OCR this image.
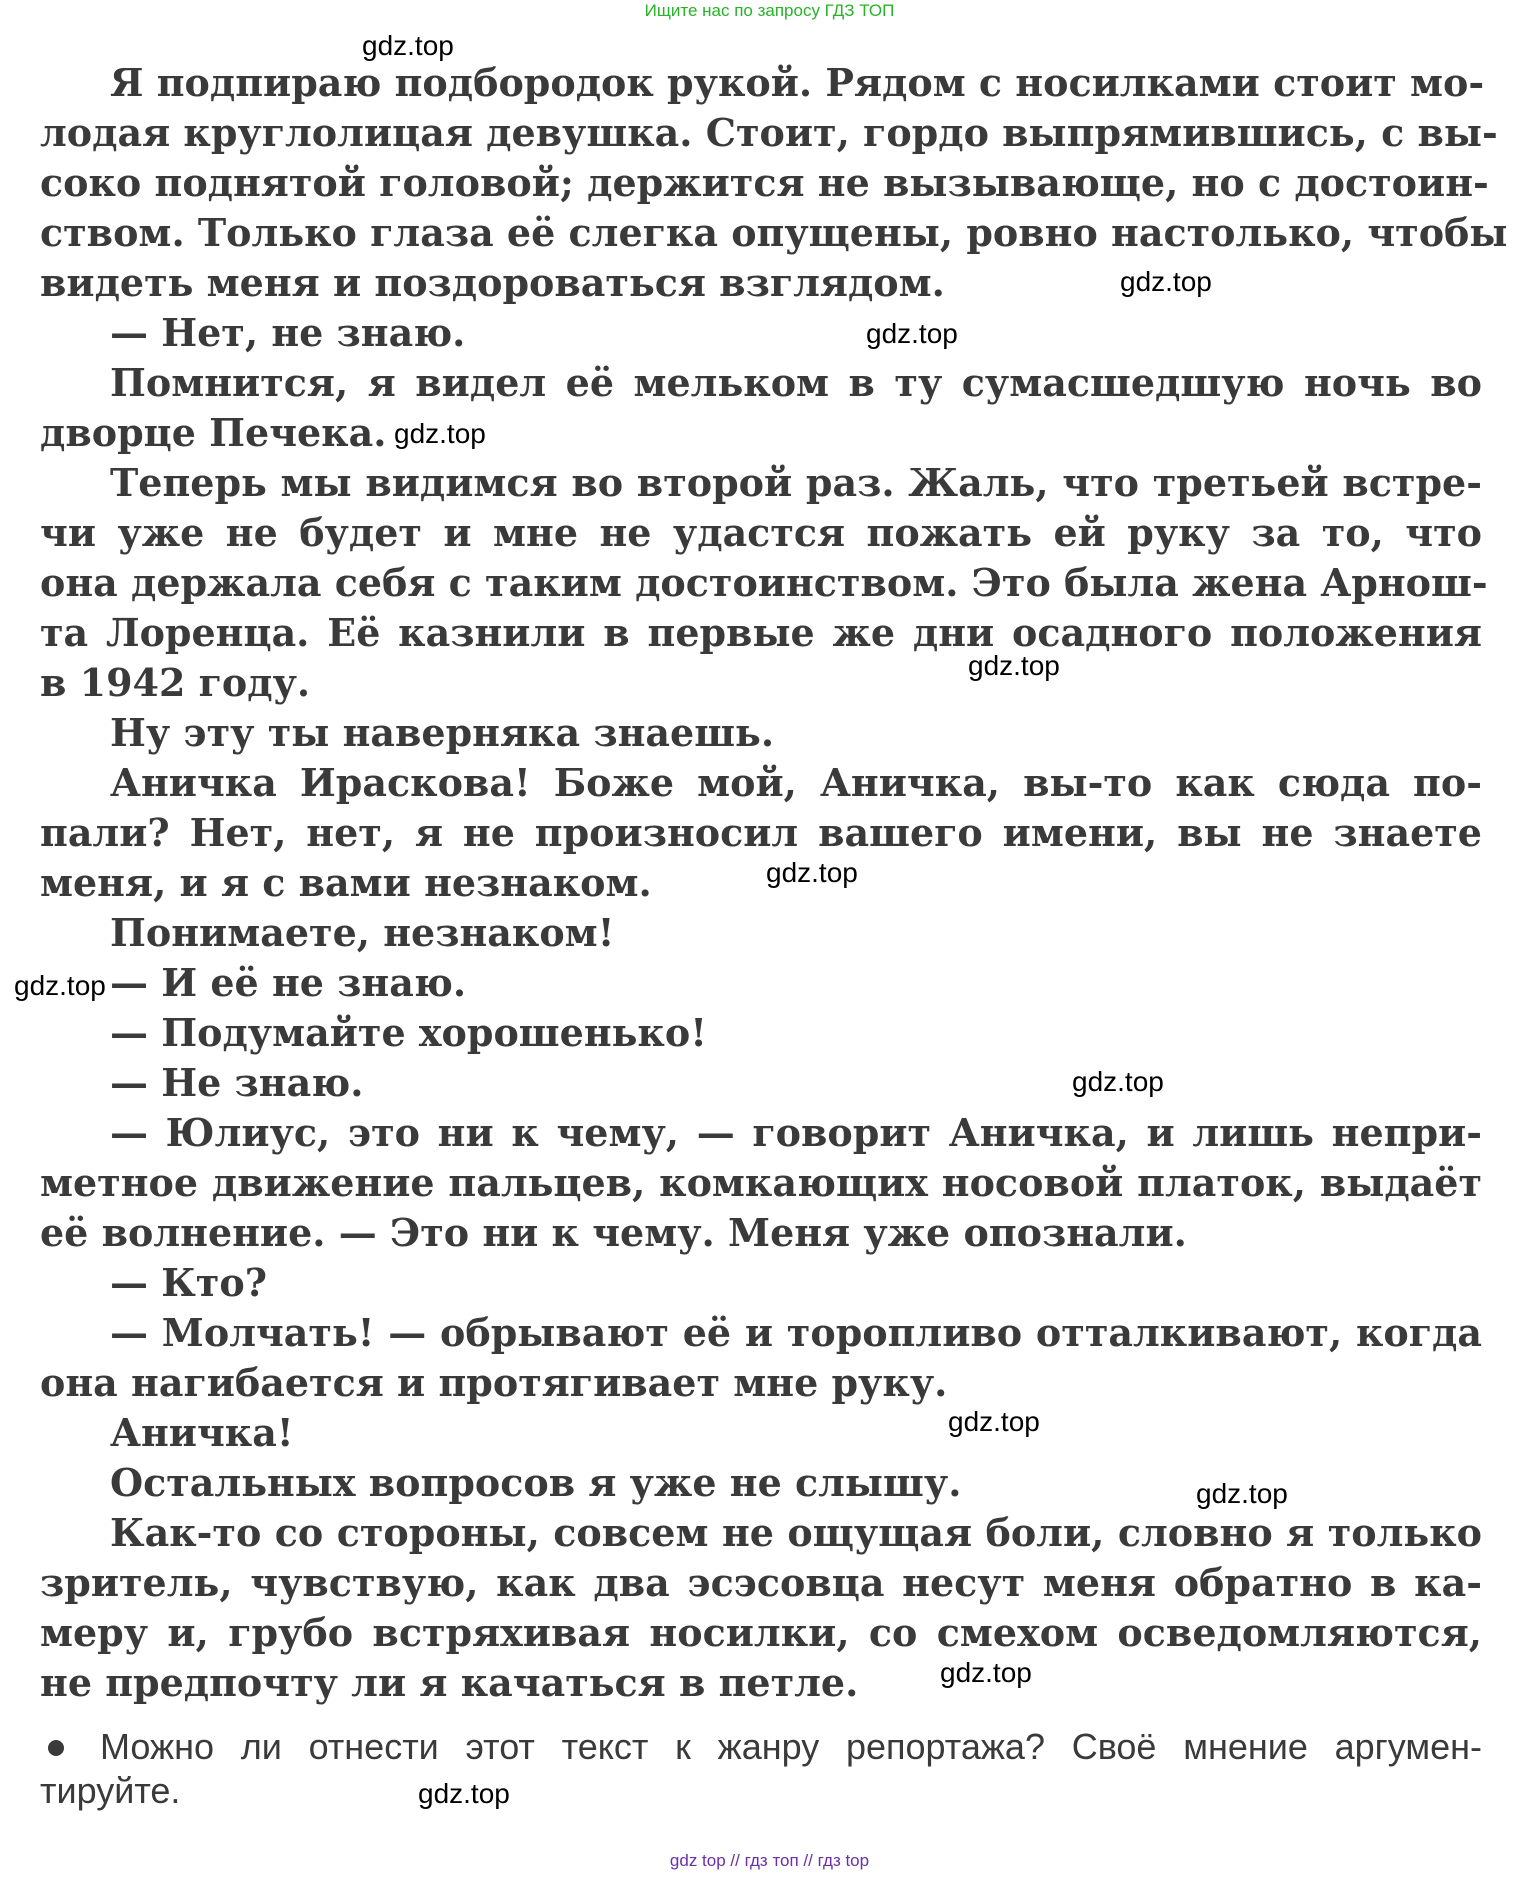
Ищите нас по запросу ГДЗ ТОП
Я подпираю подбородок рукой. Рядом с носилками стоит мо-
лодая круглолицая девушка. Стоит, гордо выпрямившись, с вы-
соко поднятой головой; держится не вызывающе, но с достоин-
ством. Только глаза её слегка опущены, ровно настолько, чтобы
видеть меня и поздороваться взглядом.
— Нет, не знаю.
Помнится, я видел её мельком в ту сумасшедшую ночь во
дворце Печека.
Теперь мы видимся во второй раз. Жаль, что третьей встре-
чи уже не будет и мне не удастся пожать ей руку за то, что
она держала себя с таким достоинством. Это была жена Арнош-
та Лоренца. Её казнили в первые же дни осадного положения
в 1942 году.
Ну эту ты наверняка знаешь.
Аничка Ираскова! Боже мой, Аничка, вы-то как сюда по-
пали? Нет, нет, я не произносил вашего имени, вы не знаете
меня, и я с вами незнаком.
Понимаете, незнаком!
— И её не знаю.
— Подумайте хорошенько!
— Не знаю.
— Юлиус, это ни к чему, — говорит Аничка, и лишь непри-
метное движение пальцев, комкающих носовой платок, выдаёт
её волнение. — Это ни к чему. Меня уже опознали.
— Кто?
— Молчать! — обрывают её и торопливо отталкивают, когда
она нагибается и протягивает мне руку.
Аничка!
Остальных вопросов я уже не слышу.
Как-то со стороны, совсем не ощущая боли, словно я только
зритель, чувствую, как два эсэсовца несут меня обратно в ка-
меру и, грубо встряхивая носилки, со смехом осведомляются,
не предпочту ли я качаться в петле.
Можно ли отнести этот текст к жанру репортажа? Своё мнение аргумен-
тируйте.
gdz.top
gdz.top
gdz.top
gdz.top
gdz.top
gdz.top
gdz.top
gdz.top
gdz.top
gdz.top
gdz.top
gdz.top
gdz top // гдз топ // гдз top
